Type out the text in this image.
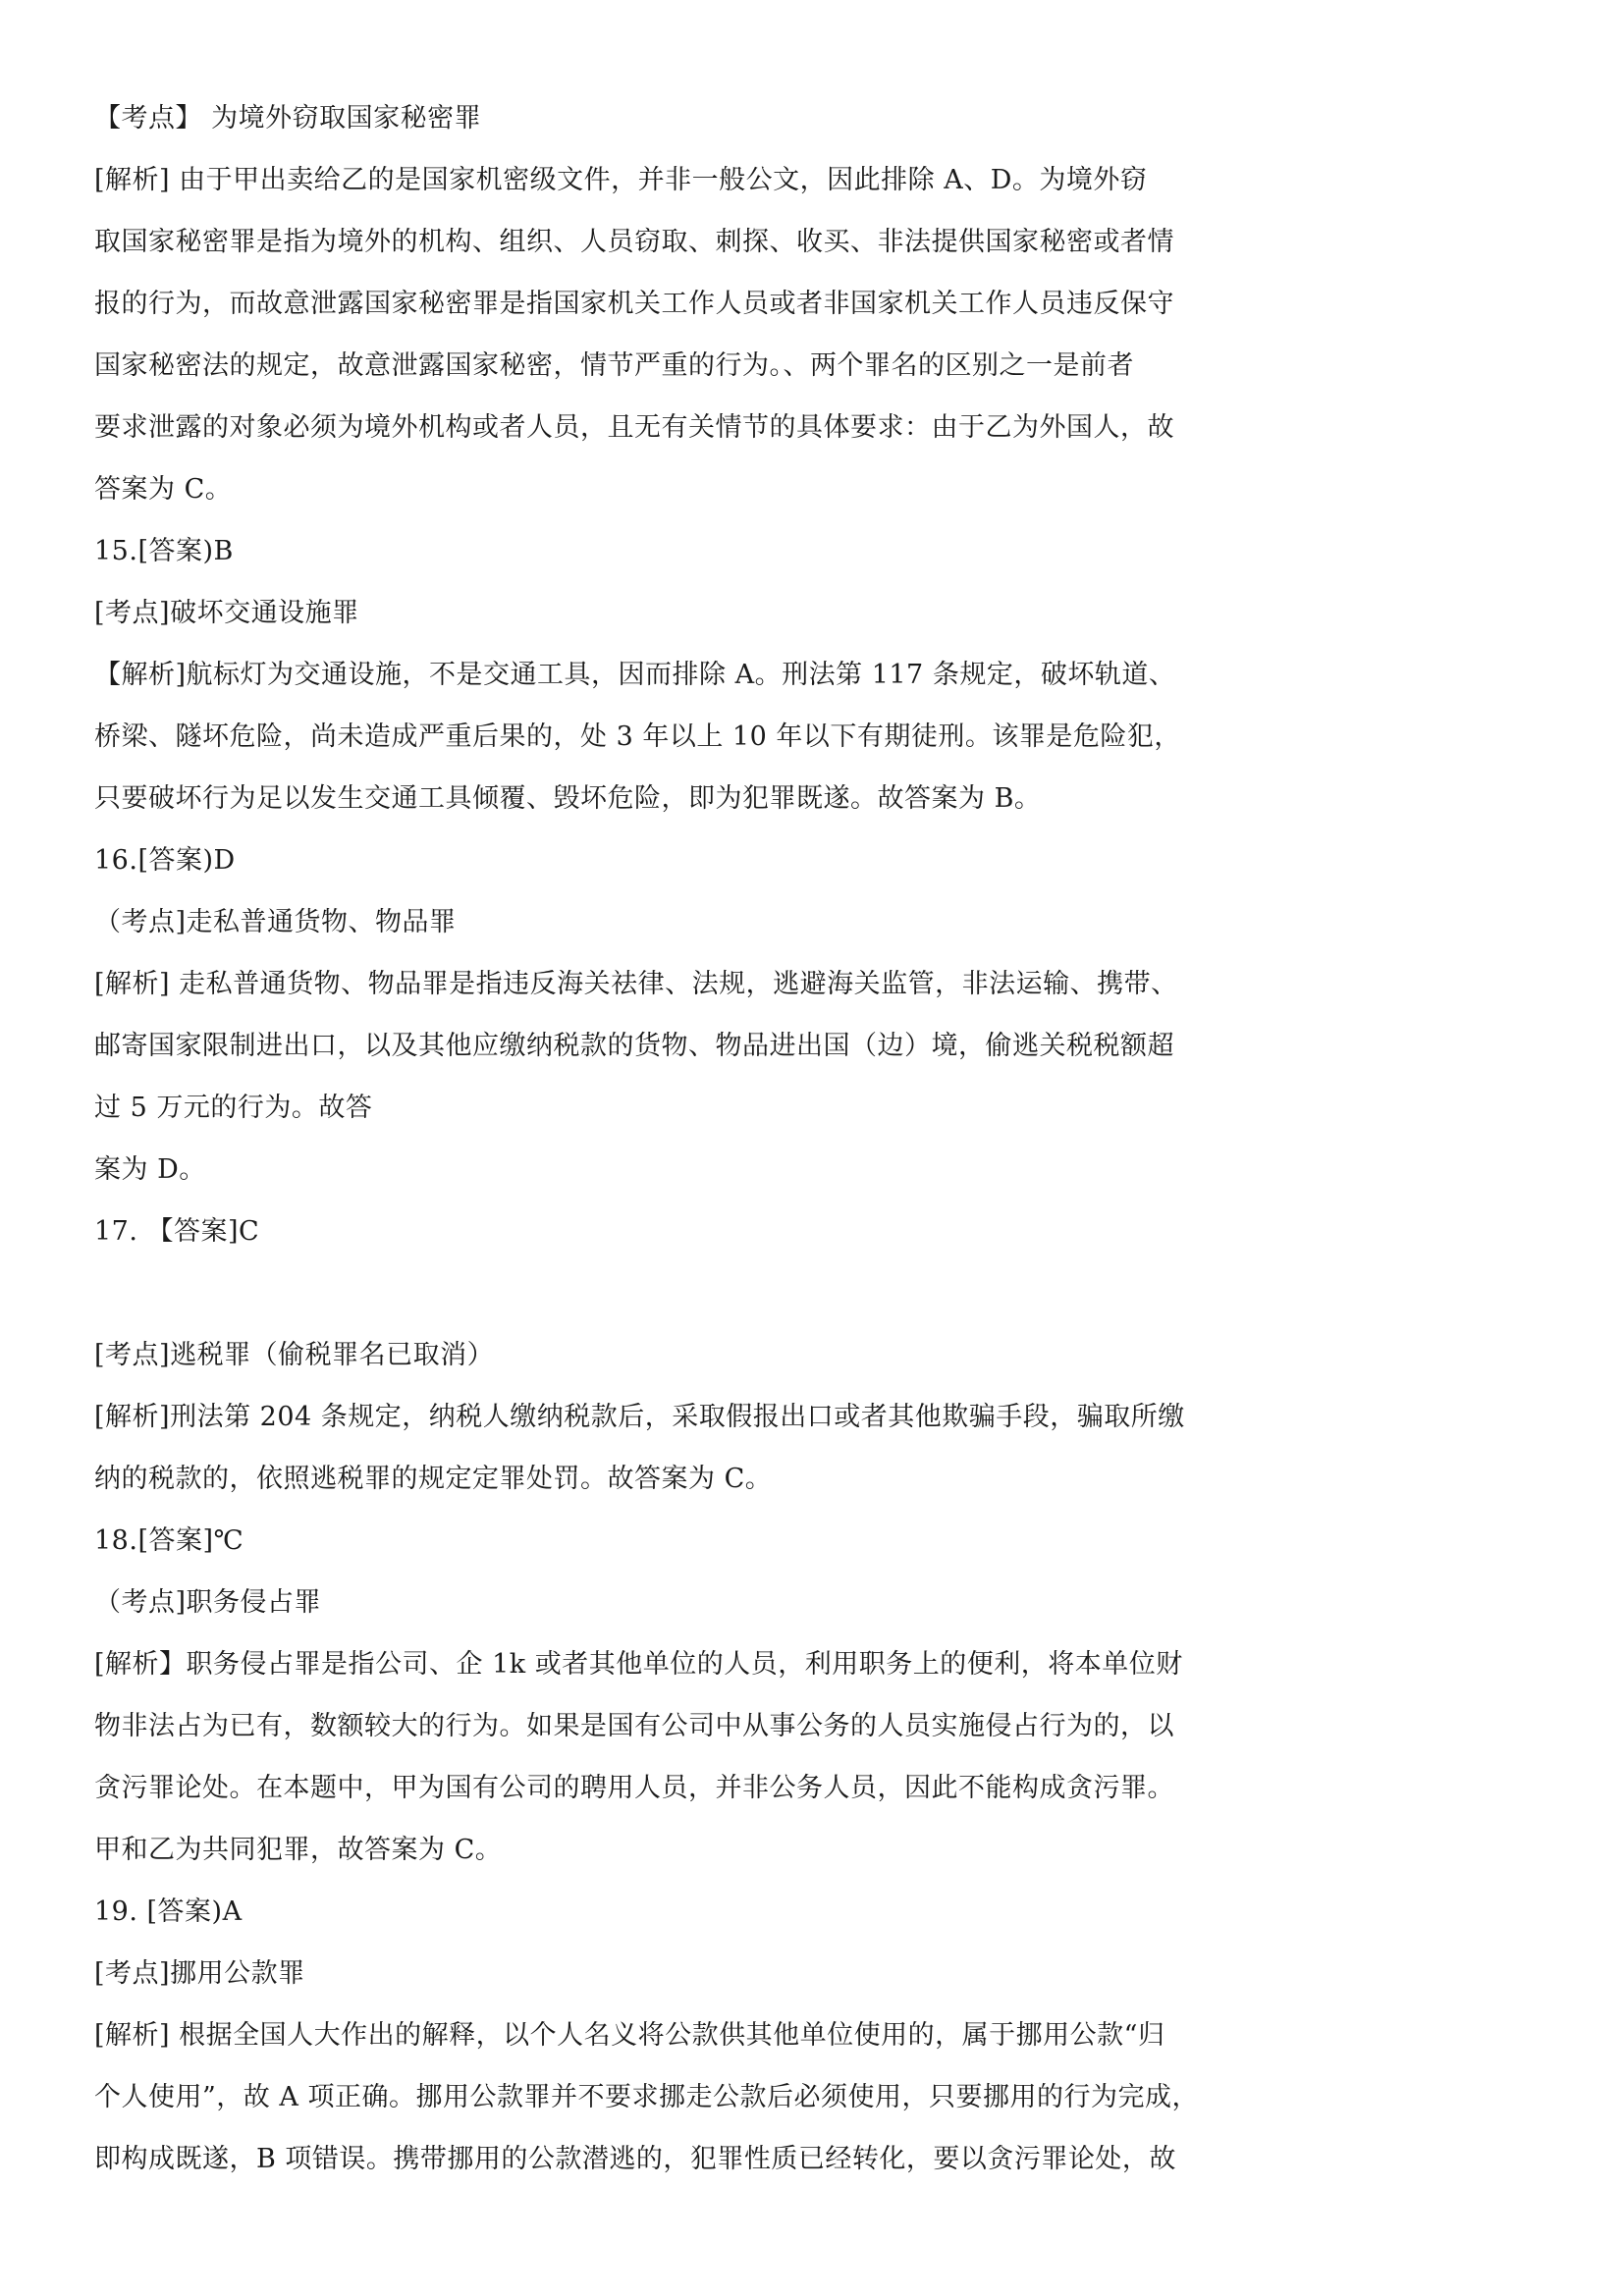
【考点】 为境外窃取国家秘密罪
[解析] 由于甲出卖给乙的是国家机密级文件，并非一般公文，因此排除 A、D。为境外窃
取国家秘密罪是指为境外的机构、组织、人员窃取、刺探、收买、非法提供国家秘密或者情
报的行为，而故意泄露国家秘密罪是指国家机关工作人员或者非国家机关工作人员违反保守
国家秘密法的规定，故意泄露国家秘密，情节严重的行为。、两个罪名的区别之一是前者
要求泄露的对象必须为境外机构或者人员，且无有关情节的具体要求：由于乙为外国人，故
答案为 C。
15.[答案)B
[考点]破坏交通设施罪
【解析]航标灯为交通设施，不是交通工具，因而排除 A。刑法第 117 条规定，破坏轨道、
桥梁、隧坏危险，尚未造成严重后果的，处 3 年以上 10 年以下有期徒刑。该罪是危险犯，
只要破坏行为足以发生交通工具倾覆、毁坏危险，即为犯罪既遂。故答案为 B。
16.[答案)D
（考点]走私普通货物、物品罪
[解析] 走私普通货物、物品罪是指违反海关祛律、法规，逃避海关监管，非法运输、携带、
邮寄国家限制进出口，以及其他应缴纳税款的货物、物品进出国（边）境，偷逃关税税额超
过 5 万元的行为。故答
案为 D。
17. 【答案]C
[考点]逃税罪（偷税罪名已取消）
[解析]刑法第 204 条规定，纳税人缴纳税款后，采取假报出口或者其他欺骗手段，骗取所缴
纳的税款的，依照逃税罪的规定定罪处罚。故答案为 C。
18.[答案]℃
（考点]职务侵占罪
[解析】职务侵占罪是指公司、企 1k 或者其他单位的人员，利用职务上的便利，将本单位财
物非法占为已有，数额较大的行为。如果是国有公司中从事公务的人员实施侵占行为的，以
贪污罪论处。在本题中，甲为国有公司的聘用人员，并非公务人员，因此不能构成贪污罪。
甲和乙为共同犯罪，故答案为 C。
19. [答案)A
[考点]挪用公款罪
[解析] 根据全国人大作出的解释，以个人名义将公款供其他单位使用的，属于挪用公款“归
个人使用”，故 A 项正确。挪用公款罪并不要求挪走公款后必须使用，只要挪用的行为完成，
即构成既遂，B 项错误。携带挪用的公款潜逃的，犯罪性质已经转化，要以贪污罪论处，故
